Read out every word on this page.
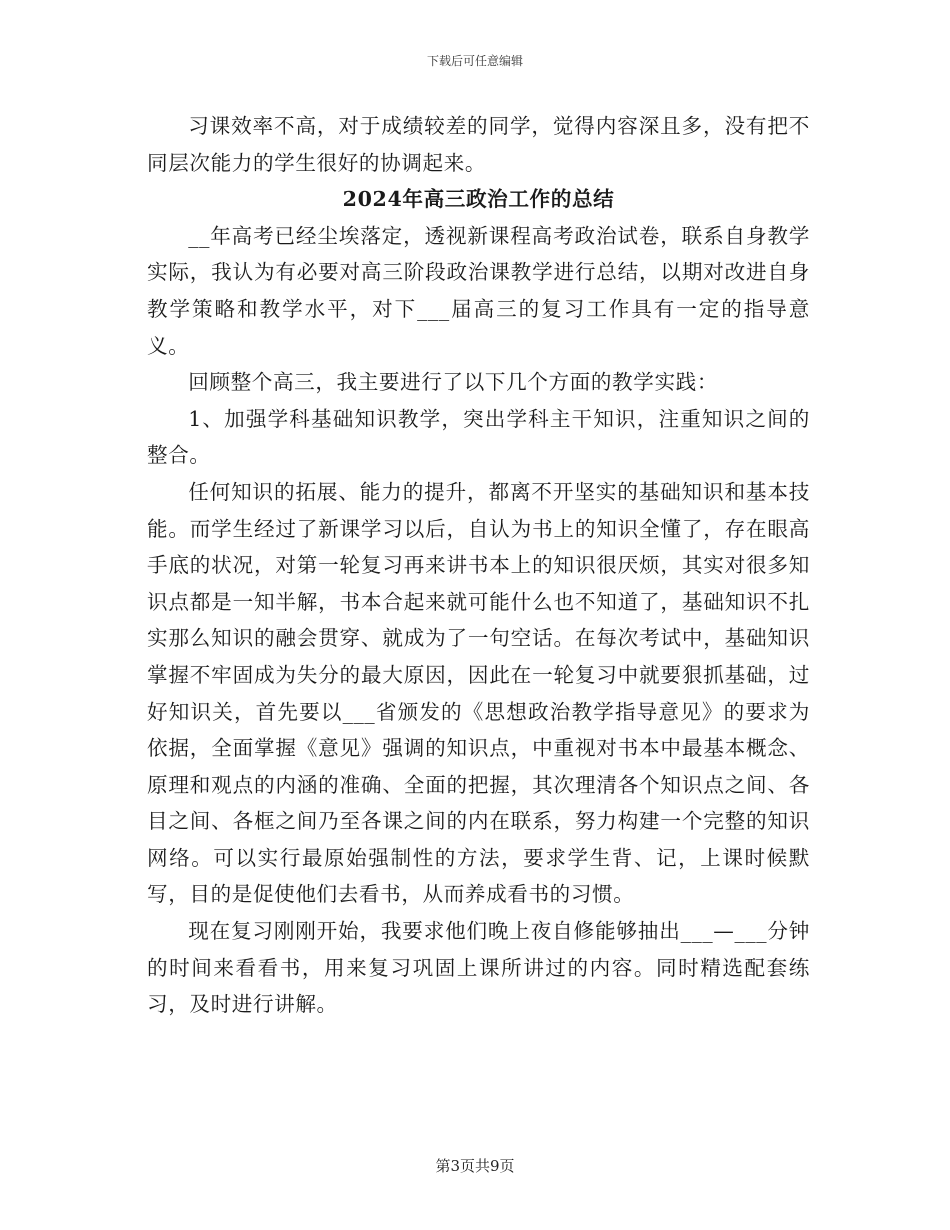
下载后可任意编辑

习课效率不高，对于成绩较差的同学，觉得内容深且多，没有把不同层次能力的学生很好的协调起来。

2024年高三政治工作的总结

__年高考已经尘埃落定，透视新课程高考政治试卷，联系自身教学实际，我认为有必要对高三阶段政治课教学进行总结，以期对改进自身教学策略和教学水平，对下___届高三的复习工作具有一定的指导意义。

回顾整个高三，我主要进行了以下几个方面的教学实践：

1、加强学科基础知识教学，突出学科主干知识，注重知识之间的整合。

任何知识的拓展、能力的提升，都离不开坚实的基础知识和基本技能。而学生经过了新课学习以后，自认为书上的知识全懂了，存在眼高手底的状况，对第一轮复习再来讲书本上的知识很厌烦，其实对很多知识点都是一知半解，书本合起来就可能什么也不知道了，基础知识不扎实那么知识的融会贯穿、就成为了一句空话。在每次考试中，基础知识掌握不牢固成为失分的最大原因，因此在一轮复习中就要狠抓基础，过好知识关，首先要以___省颁发的《思想政治教学指导意见》的要求为依据，全面掌握《意见》强调的知识点，中重视对书本中最基本概念、原理和观点的内涵的准确、全面的把握，其次理清各个知识点之间、各目之间、各框之间乃至各课之间的内在联系，努力构建一个完整的知识网络。可以实行最原始强制性的方法，要求学生背、记，上课时候默写，目的是促使他们去看书，从而养成看书的习惯。

现在复习刚刚开始，我要求他们晚上夜自修能够抽出___—___分钟的时间来看看书，用来复习巩固上课所讲过的内容。同时精选配套练习，及时进行讲解。

第3页共9页
